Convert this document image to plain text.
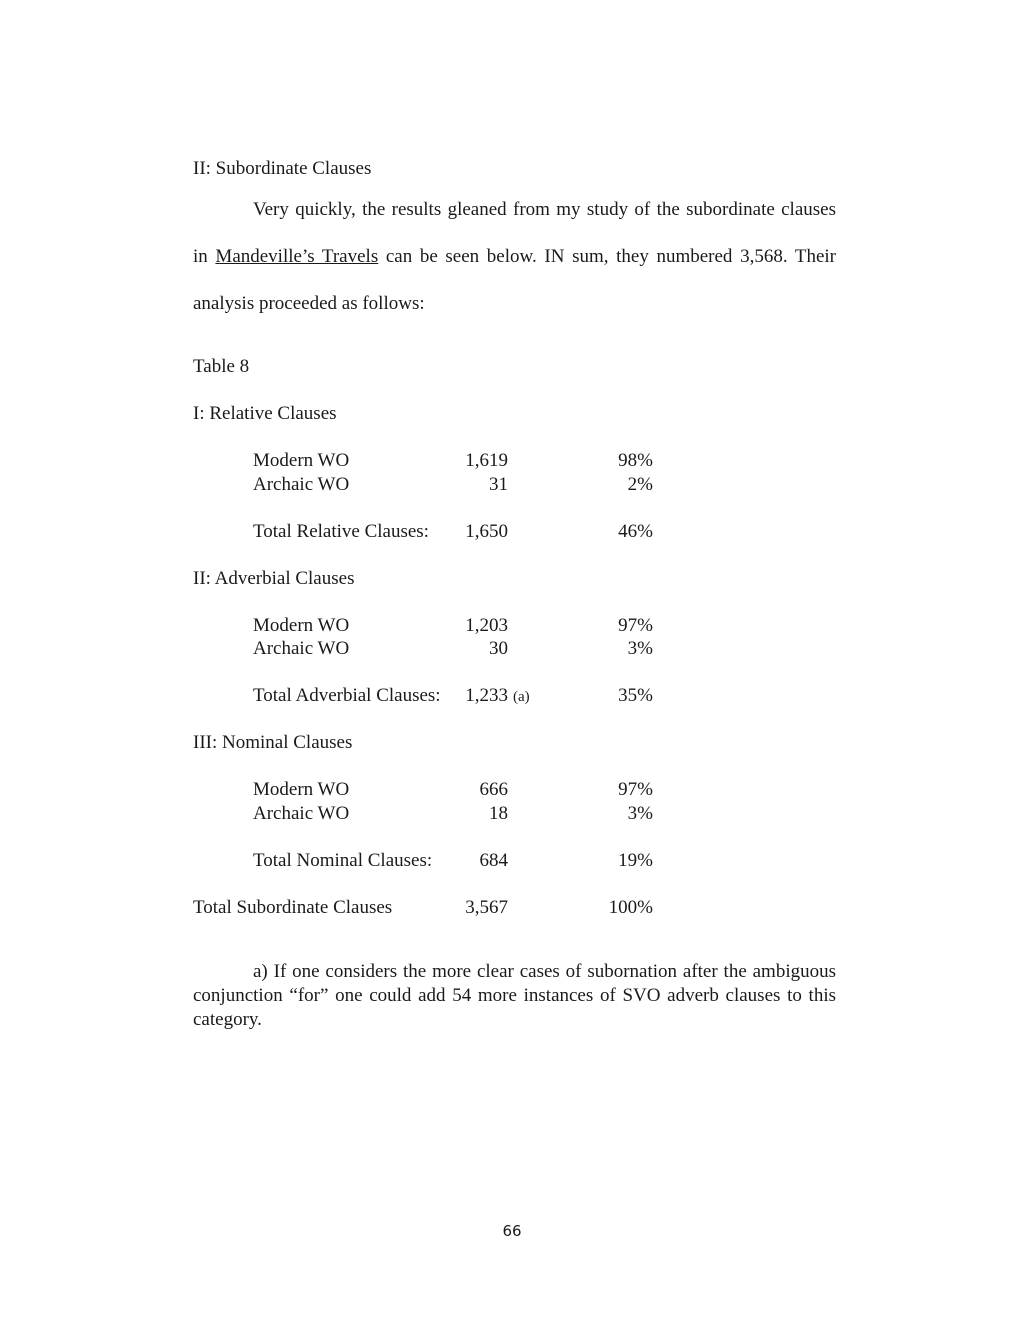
II: Subordinate Clauses
Very quickly, the results gleaned from my study of the subordinate clauses in Mandeville’s Travels can be seen below. IN sum, they numbered 3,568. Their analysis proceeded as follows:
Table 8
I: Relative Clauses
Modern WO	1,619	98%
Archaic WO	31	2%
Total Relative Clauses:	1,650	46%
II: Adverbial Clauses
Modern WO	1,203	97%
Archaic WO	30	3%
Total Adverbial Clauses:	1,233 (a)	35%
III: Nominal Clauses
Modern WO	666	97%
Archaic WO	18	3%
Total Nominal Clauses:	684	19%
Total Subordinate Clauses	3,567	100%
a) If one considers the more clear cases of subornation after the ambiguous conjunction “for” one could add 54 more instances of SVO adverb clauses to this category.
66
